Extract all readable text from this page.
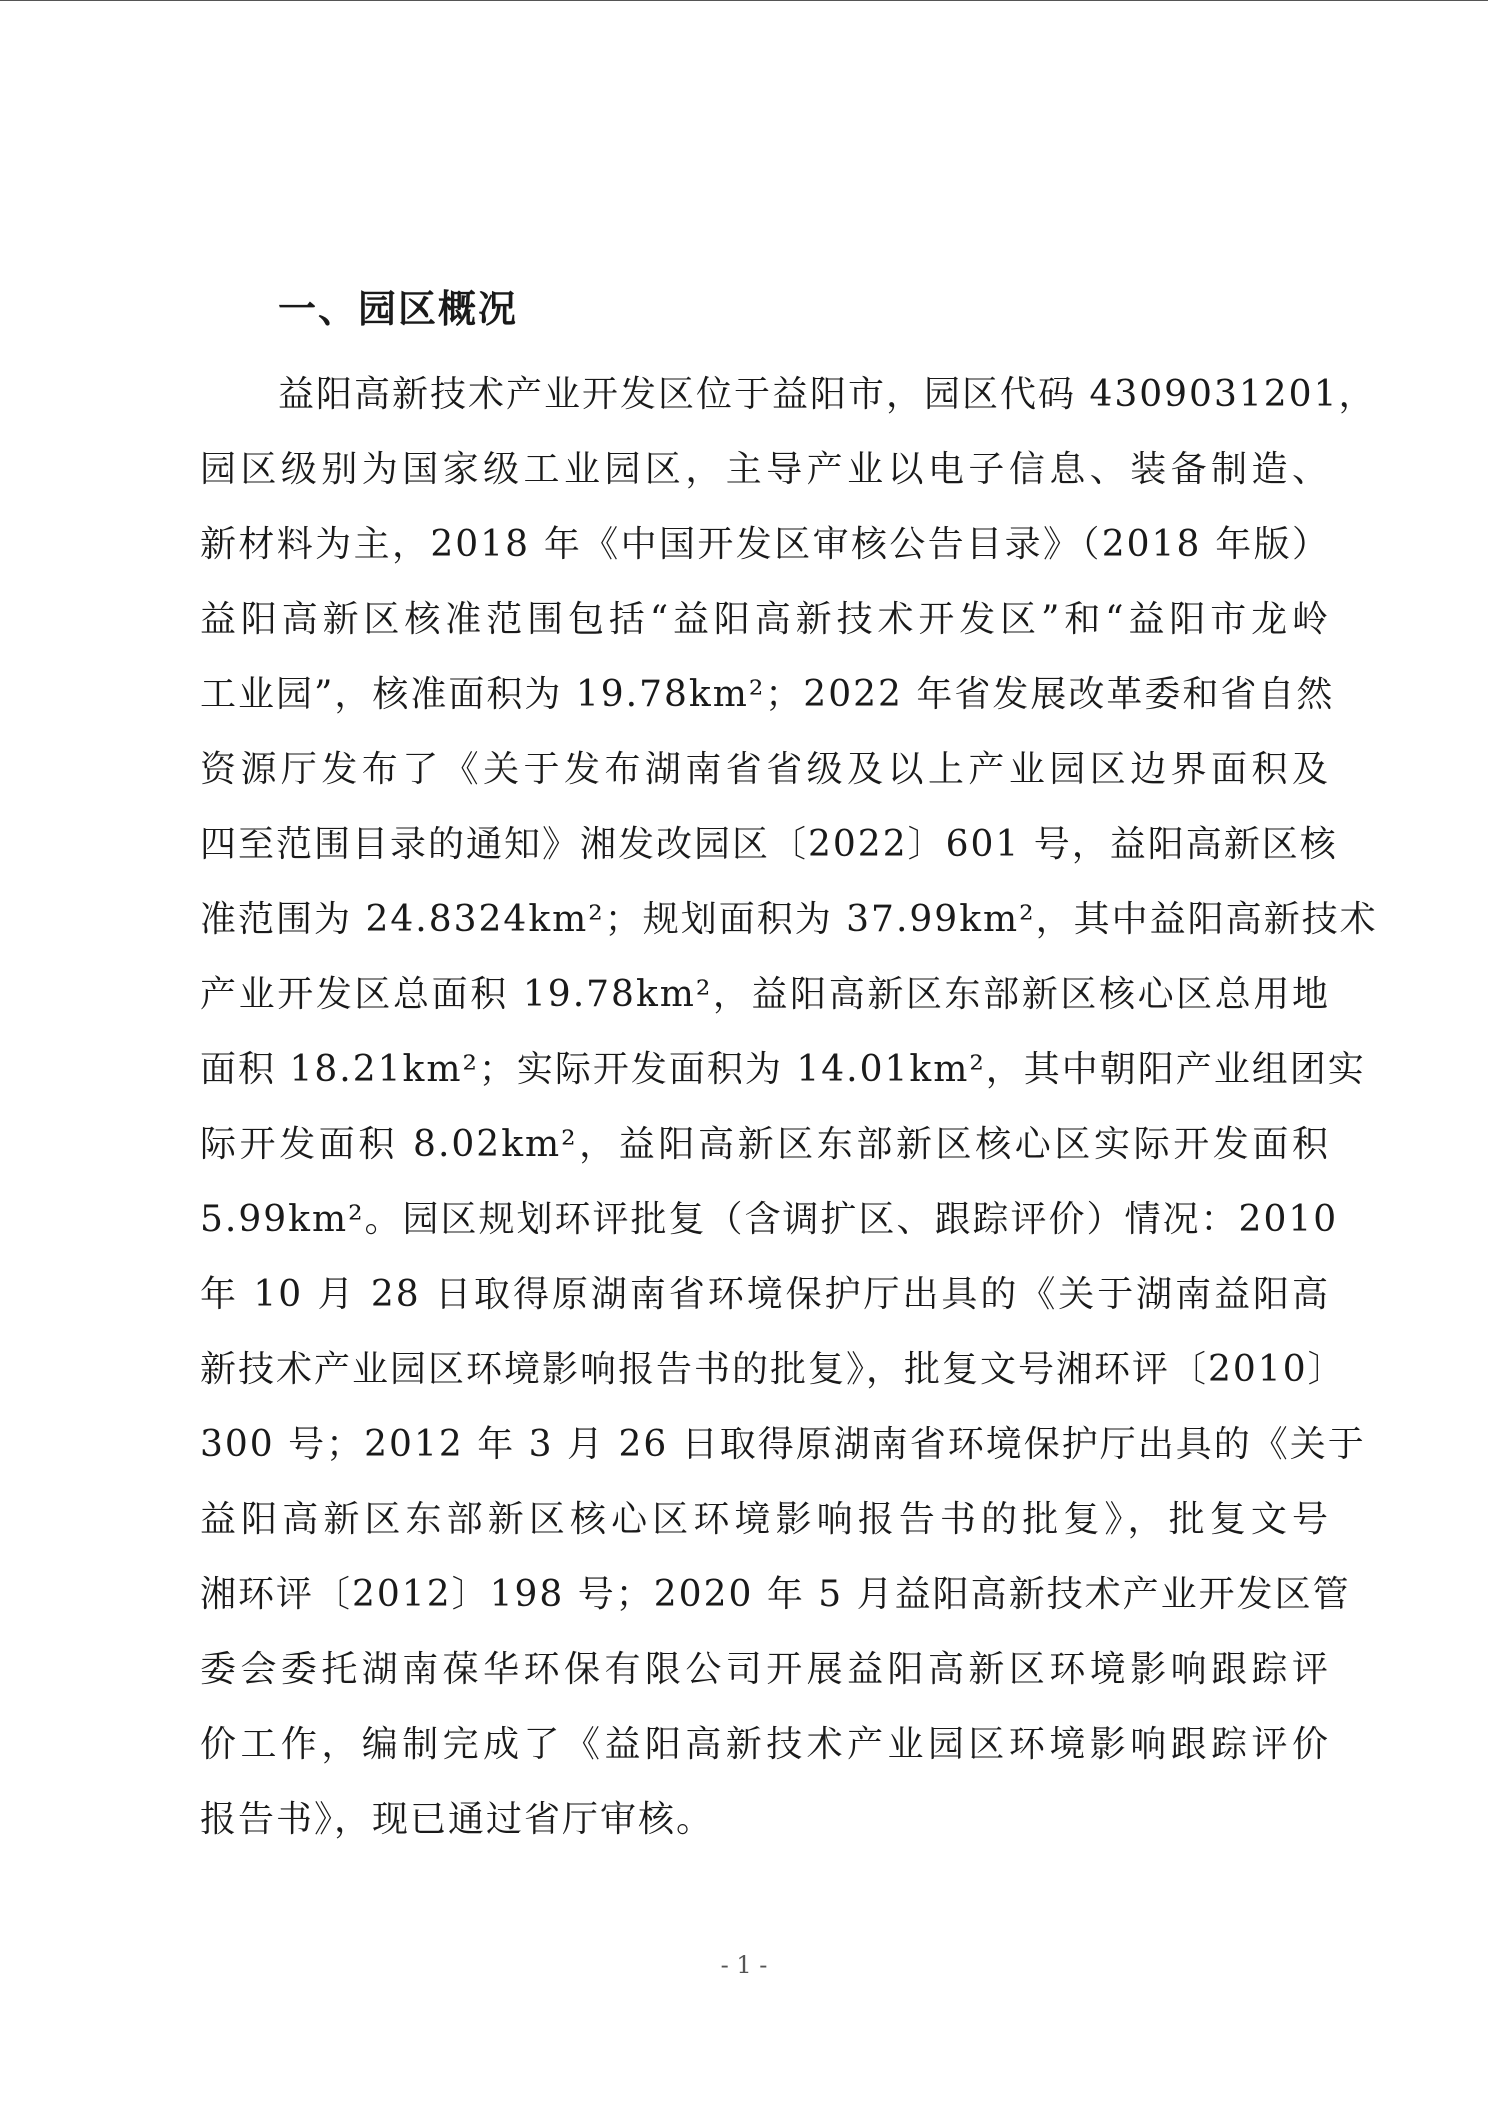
一、园区概况
益阳高新技术产业开发区位于益阳市，园区代码 4309031201，
园区级别为国家级工业园区，主导产业以电子信息、装备制造、
新材料为主，2018 年《中国开发区审核公告目录》（2018 年版）
益阳高新区核准范围包括“益阳高新技术开发区”和“益阳市龙岭
工业园”，核准面积为 19.78km²；2022 年省发展改革委和省自然
资源厅发布了《关于发布湖南省省级及以上产业园区边界面积及
四至范围目录的通知》湘发改园区〔2022〕601 号，益阳高新区核
准范围为 24.8324km²；规划面积为 37.99km²，其中益阳高新技术
产业开发区总面积 19.78km²，益阳高新区东部新区核心区总用地
面积 18.21km²；实际开发面积为 14.01km²，其中朝阳产业组团实
际开发面积 8.02km²，益阳高新区东部新区核心区实际开发面积
5.99km²。园区规划环评批复（含调扩区、跟踪评价）情况：2010
年 10 月 28 日取得原湖南省环境保护厅出具的《关于湖南益阳高
新技术产业园区环境影响报告书的批复》，批复文号湘环评〔2010〕
300 号；2012 年 3 月 26 日取得原湖南省环境保护厅出具的《关于
益阳高新区东部新区核心区环境影响报告书的批复》，批复文号
湘环评〔2012〕198 号；2020 年 5 月益阳高新技术产业开发区管
委会委托湖南葆华环保有限公司开展益阳高新区环境影响跟踪评
价工作，编制完成了《益阳高新技术产业园区环境影响跟踪评价
报告书》，现已通过省厅审核。
- 1 -
